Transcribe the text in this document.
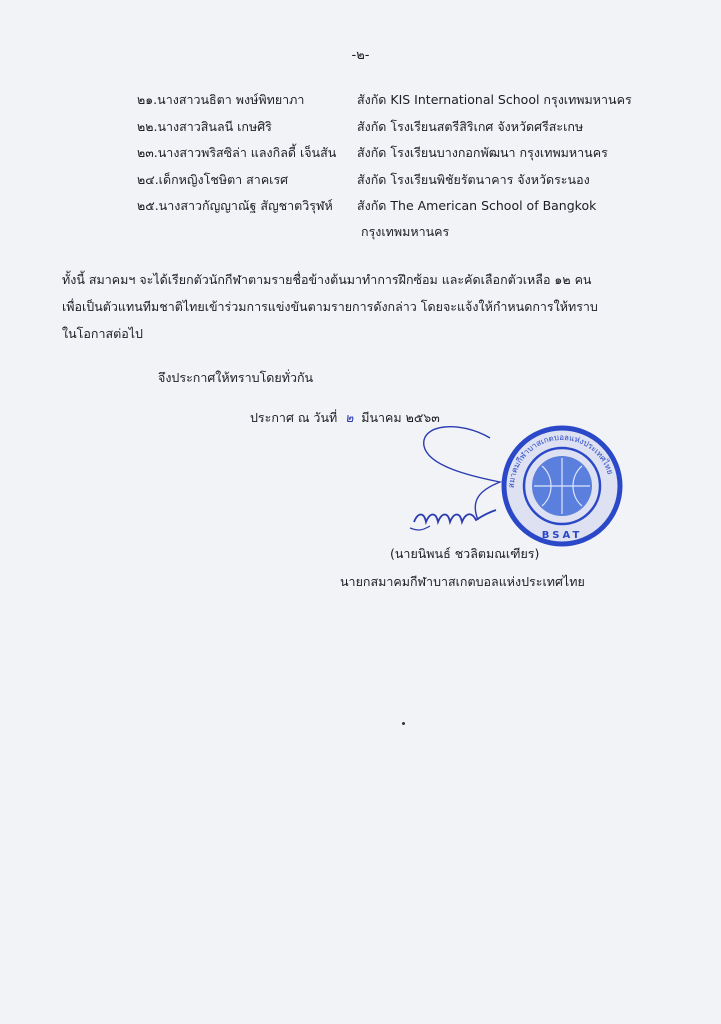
-๒-
๒๑.นางสาวนธิตา พงษ์พิทยาภา	สังกัด KIS International School กรุงเทพมหานคร
๒๒.นางสาวสินลนี เกษศิริ	สังกัด โรงเรียนสตรีสิริเกศ จังหวัดศรีสะเกษ
๒๓.นางสาวพริสซิล่า แลงกิลดี้ เจ็นสัน สังกัด โรงเรียนบางกอกพัฒนา กรุงเทพมหานคร
๒๔.เด็กหญิงโชษิตา สาคเรศ	สังกัด โรงเรียนพิชัยรัตนาคาร จังหวัดระนอง
๒๕.นางสาวกัญญาณัฐ สัญชาตวิรุฬห์ สังกัด The American School of Bangkok
กรุงเทพมหานคร
ทั้งนี้ สมาคมฯ จะได้เรียกตัวนักกีฬาตามรายชื่อข้างต้นมาทำการฝึกซ้อม และคัดเลือกตัวเหลือ ๑๒ คน
เพื่อเป็นตัวแทนทีมชาติไทยเข้าร่วมการแข่งขันตามรายการดังกล่าว โดยจะแจ้งให้กำหนดการให้ทราบ
ในโอกาสต่อไป
จึงประกาศให้ทราบโดยทั่วกัน
ประกาศ ณ วันที่ ๒ มีนาคม ๒๕๖๓
สมาคมกีฬาบาสเกตบอลแห่งประเทศไทย
BSAT
(นายนิพนธ์ ชวลิตมณเฑียร)
นายกสมาคมกีฬาบาสเกตบอลแห่งประเทศไทย
